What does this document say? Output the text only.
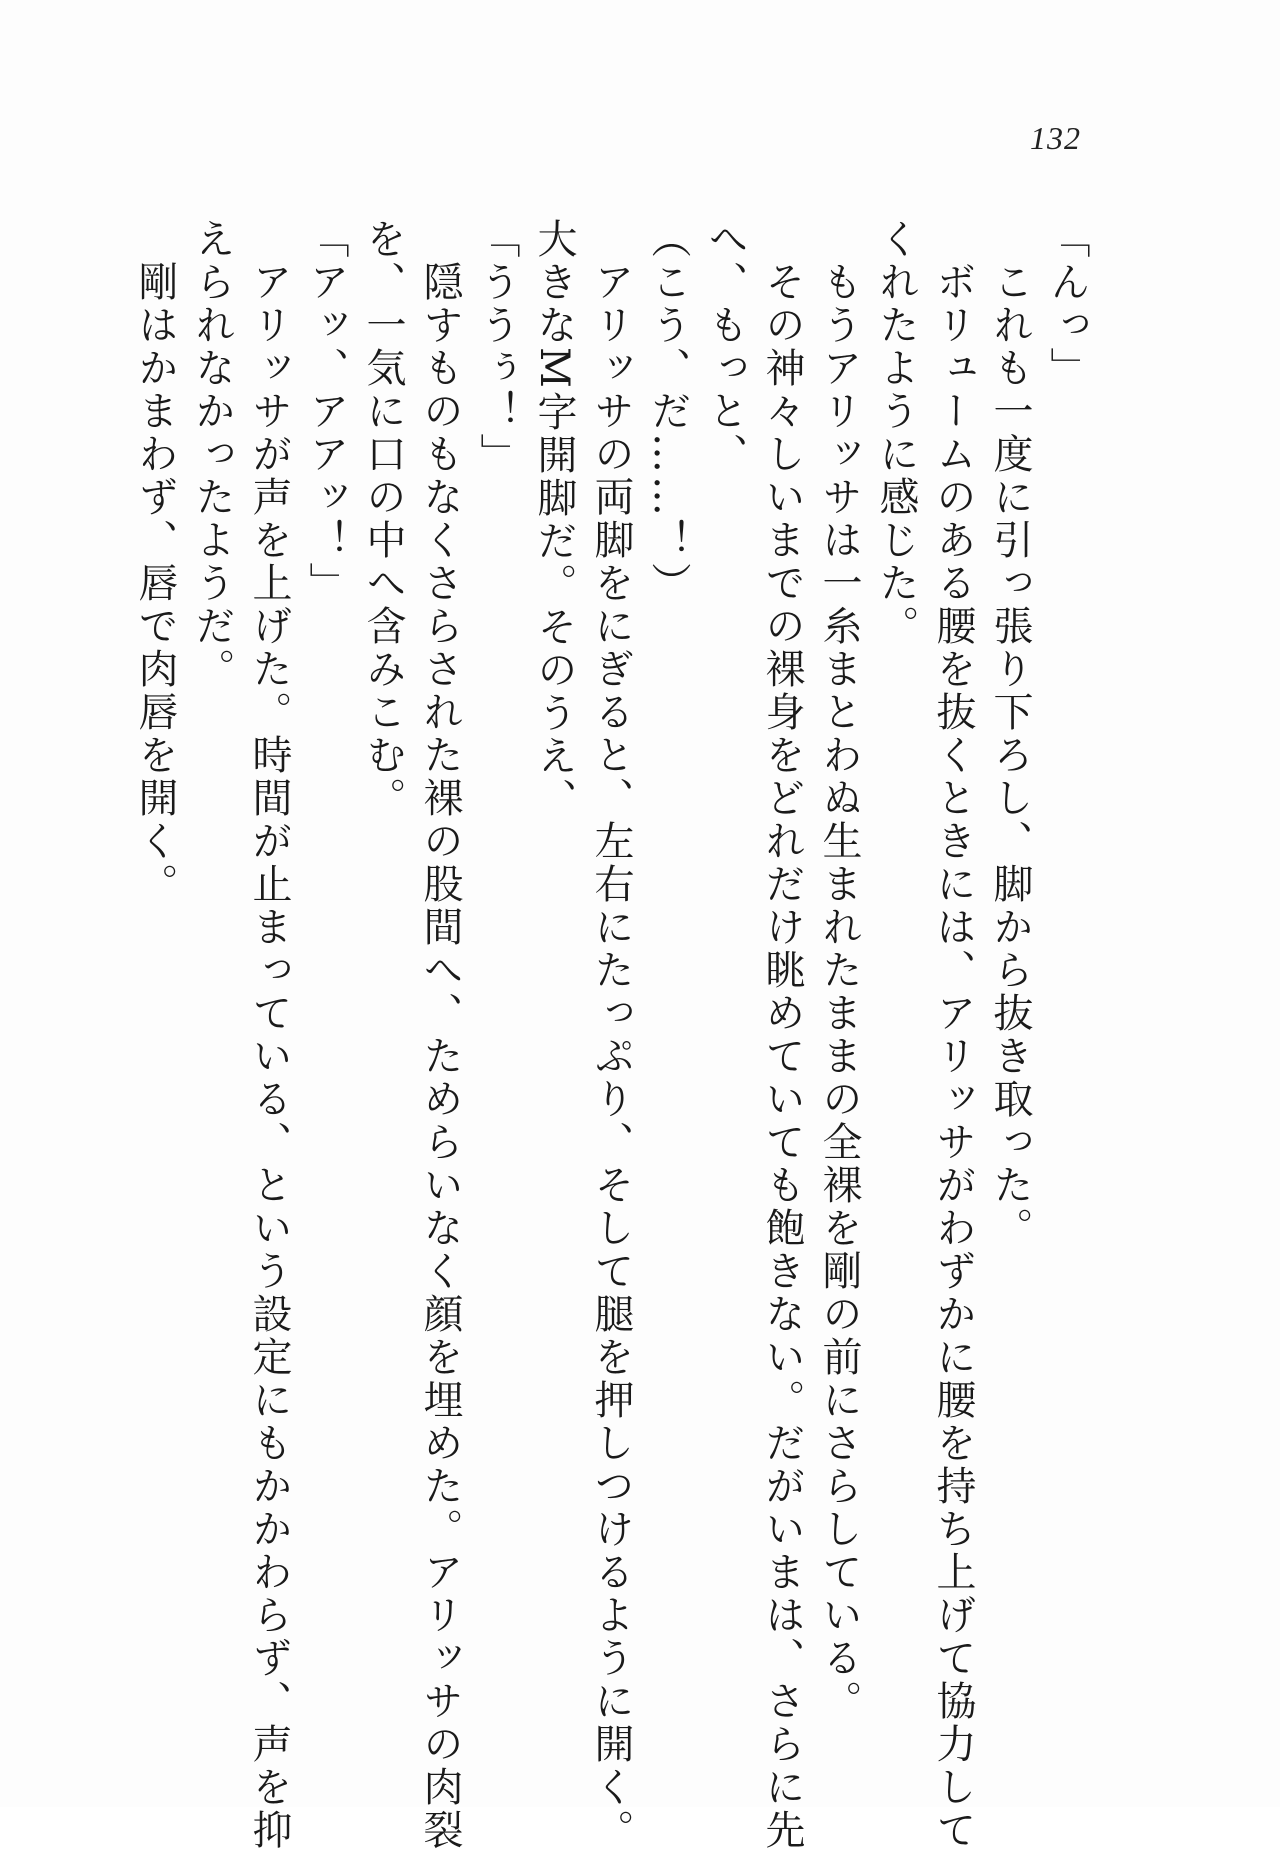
132

「んっ」

　これも一度に引っ張り下ろし、脚から抜き取った。

　ボリュームのある腰を抜くときには、アリッサがわずかに腰を持ち上げて協力して

くれたように感じた。

　もうアリッサは一糸まとわぬ生まれたままの全裸を剛の前にさらしている。

　その神々しいまでの裸身をどれだけ眺めていても飽きない。だがいまは、さらに先

へ、もっと、

（こう、だ……！）

　アリッサの両脚をにぎると、左右にたっぷり、そして腿を押しつけるように開く。

大きなM字開脚だ。そのうえ、

「ううぅ！」

　隠すものもなくさらされた裸の股間へ、ためらいなく顔を埋めた。アリッサの肉裂

を、一気に口の中へ含みこむ。

「アッ、アアッ！」

　アリッサが声を上げた。時間が止まっている、という設定にもかかわらず、声を抑

えられなかったようだ。

　剛はかまわず、唇で肉唇を開く。
